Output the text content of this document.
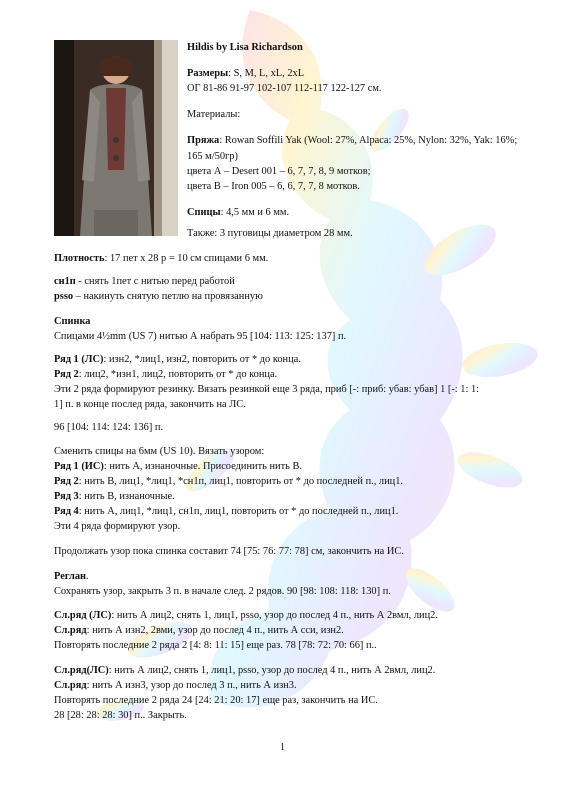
Hildis by Lisa Richardson
Размеры: S, M, L, xL, 2xL
ОГ 81-86 91-97 102-107 112-117 122-127 см.
Материалы:
Пряжа: Rowan Soffili Yak (Wool: 27%, Alpaca: 25%, Nylon: 32%, Yak: 16%; 165 м/50гр)
цвета А – Desert 001 – 6, 7, 7, 8, 9 мотков;
цвета В – Iron 005 – 6, 6, 7, 7, 8 мотков.
Спицы: 4,5 мм и 6 мм.
Также: 3 пуговицы диаметром 28 мм.
Плотность: 17 пет х 28 р = 10 см спицами 6 мм.
сн1п - снять 1пет с нитью перед работой
psso – накинуть снятую петлю на провязанную
Спинка
Спицами 4½mm (US 7) нитью А набрать 95 [104: 113: 125: 137] п.
Ряд 1 (ЛС): изн2, *лиц1, изн2, повторить от * до конца.
Ряд 2: лиц2, *изн1, лиц2, повторить от * до конца.
Эти 2 ряда формируют резинку. Вязать резинкой еще 3 ряда, приб [-: приб: убав: убав] 1 [-: 1: 1:
1] п. в конце послед ряда, закончить на ЛС.
96 [104: 114: 124: 136] п.
Сменить спицы на 6мм (US 10). Вязать узором:
Ряд 1 (ИС): нить А, изнаночные. Присоединить нить В.
Ряд 2: нить В, лиц1, *лиц1, *сн1п, лиц1, повторить от * до последней п., лиц1.
Ряд 3: нить В, изнаночные.
Ряд 4: нить А, лиц1, *лиц1, сн1п, лиц1, повторить от * до последней п., лиц1.
Эти 4 ряда формируют узор.
Продолжать узор пока спинка составит 74 [75: 76: 77: 78] см, закончить на ИС.
Реглан.
Сохранять узор, закрыть 3 п. в начале след. 2 рядов. 90 [98: 108: 118: 130] п.
Сл.ряд (ЛС): нить А лиц2, снять 1, лиц1, psso, узор до послед 4 п., нить А 2вмл, лиц2.
Сл.ряд: нить А изн2, 2вми, узор до послед 4 п., нить А сси, изн2.
Повторять последние 2 ряда 2 [4: 8: 11: 15] еще раз. 78 [78: 72: 70: 66] п..
Сл.ряд(ЛС): нить А лиц2, снять 1, лиц1, psso, узор до послед 4 п., нить А 2вмл, лиц2.
Сл.ряд: нить А изн3, узор до послед 3 п., нить А изн3.
Повторять последние 2 ряда 24 [24: 21: 20: 17] еще раз, закончить на ИС.
28 [28: 28: 28: 30] п.. Закрыть.
1
